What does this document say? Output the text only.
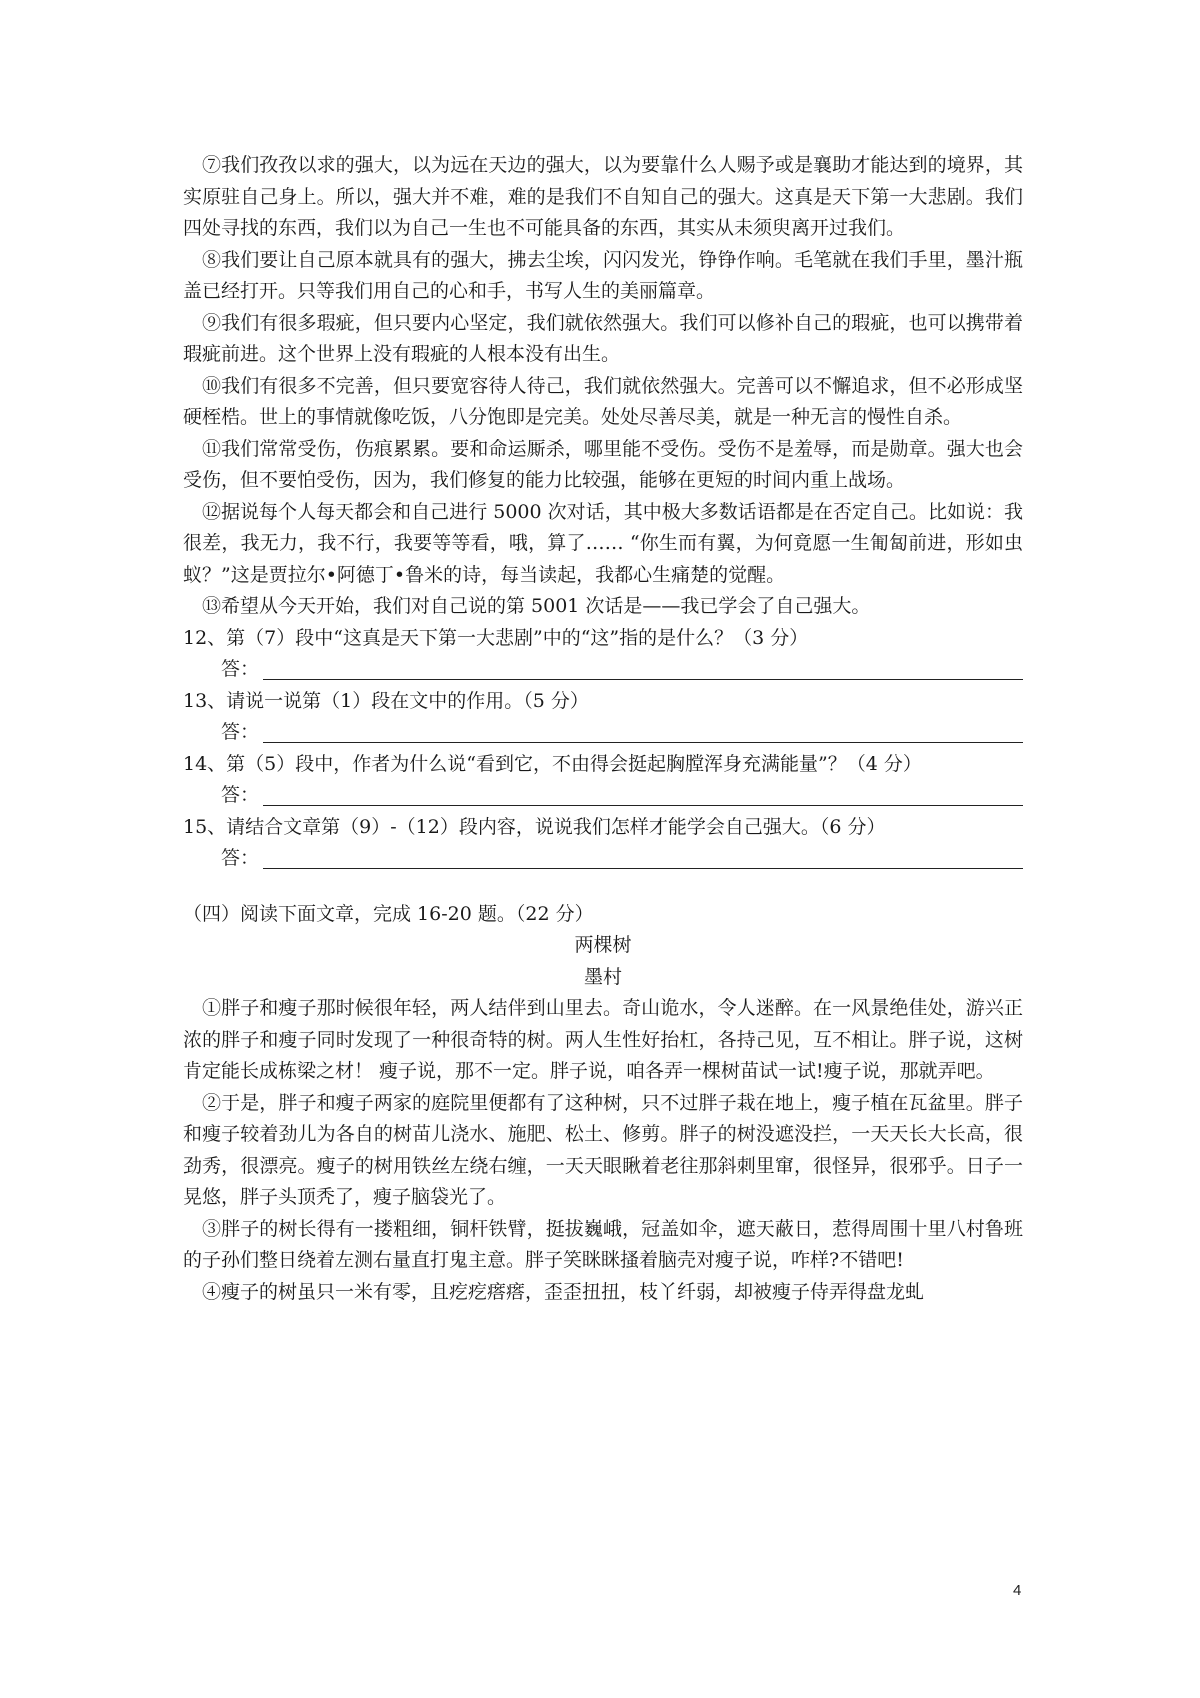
⑦我们孜孜以求的强大，以为远在天边的强大，以为要靠什么人赐予或是襄助才能达到的境界，其实原驻自己身上。所以，强大并不难，难的是我们不自知自己的强大。这真是天下第一大悲剧。我们四处寻找的东西，我们以为自己一生也不可能具备的东西，其实从未须臾离开过我们。

⑧我们要让自己原本就具有的强大，拂去尘埃，闪闪发光，铮铮作响。毛笔就在我们手里，墨汁瓶盖已经打开。只等我们用自己的心和手，书写人生的美丽篇章。

⑨我们有很多瑕疵，但只要内心坚定，我们就依然强大。我们可以修补自己的瑕疵，也可以携带着瑕疵前进。这个世界上没有瑕疵的人根本没有出生。

⑩我们有很多不完善，但只要宽容待人待己，我们就依然强大。完善可以不懈追求，但不必形成坚硬桎梏。世上的事情就像吃饭，八分饱即是完美。处处尽善尽美，就是一种无言的慢性自杀。

⑪我们常常受伤，伤痕累累。要和命运厮杀，哪里能不受伤。受伤不是羞辱，而是勋章。强大也会受伤，但不要怕受伤，因为，我们修复的能力比较强，能够在更短的时间内重上战场。

⑫据说每个人每天都会和自己进行 5000 次对话，其中极大多数话语都是在否定自己。比如说：我很差，我无力，我不行，我要等等看，哦，算了…… “你生而有翼，为何竟愿一生匍匐前进，形如虫蚁？”这是贾拉尔•阿德丁•鲁米的诗，每当读起，我都心生痛楚的觉醒。

⑬希望从今天开始，我们对自己说的第 5001 次话是——我已学会了自己强大。

12、第（7）段中“这真是天下第一大悲剧”中的“这”指的是什么？（3 分）

答：

13、请说一说第（1）段在文中的作用。（5 分）

答：

14、第（5）段中，作者为什么说“看到它，不由得会挺起胸膛浑身充满能量”？（4 分）

答：

15、请结合文章第（9）-（12）段内容，说说我们怎样才能学会自己强大。（6 分）

答：

（四）阅读下面文章，完成 16-20 题。（22 分）

两棵树

墨村

①胖子和瘦子那时候很年轻，两人结伴到山里去。奇山诡水，令人迷醉。在一风景绝佳处，游兴正浓的胖子和瘦子同时发现了一种很奇特的树。两人生性好抬杠，各持己见，互不相让。胖子说，这树肯定能长成栋梁之材！ 瘦子说，那不一定。胖子说，咱各弄一棵树苗试一试!瘦子说，那就弄吧。

②于是，胖子和瘦子两家的庭院里便都有了这种树，只不过胖子栽在地上，瘦子植在瓦盆里。胖子和瘦子较着劲儿为各自的树苗儿浇水、施肥、松土、修剪。胖子的树没遮没拦，一天天长大长高，很劲秀，很漂亮。瘦子的树用铁丝左绕右缠，一天天眼瞅着老往那斜刺里窜，很怪异，很邪乎。日子一晃悠，胖子头顶秃了，瘦子脑袋光了。

③胖子的树长得有一搂粗细，铜杆铁臂，挺拔巍峨，冠盖如伞，遮天蔽日，惹得周围十里八村鲁班的子孙们整日绕着左测右量直打鬼主意。胖子笑眯眯搔着脑壳对瘦子说，咋样?不错吧!

④瘦子的树虽只一米有零，且疙疙瘩瘩，歪歪扭扭，枝丫纤弱，却被瘦子侍弄得盘龙虬

4
